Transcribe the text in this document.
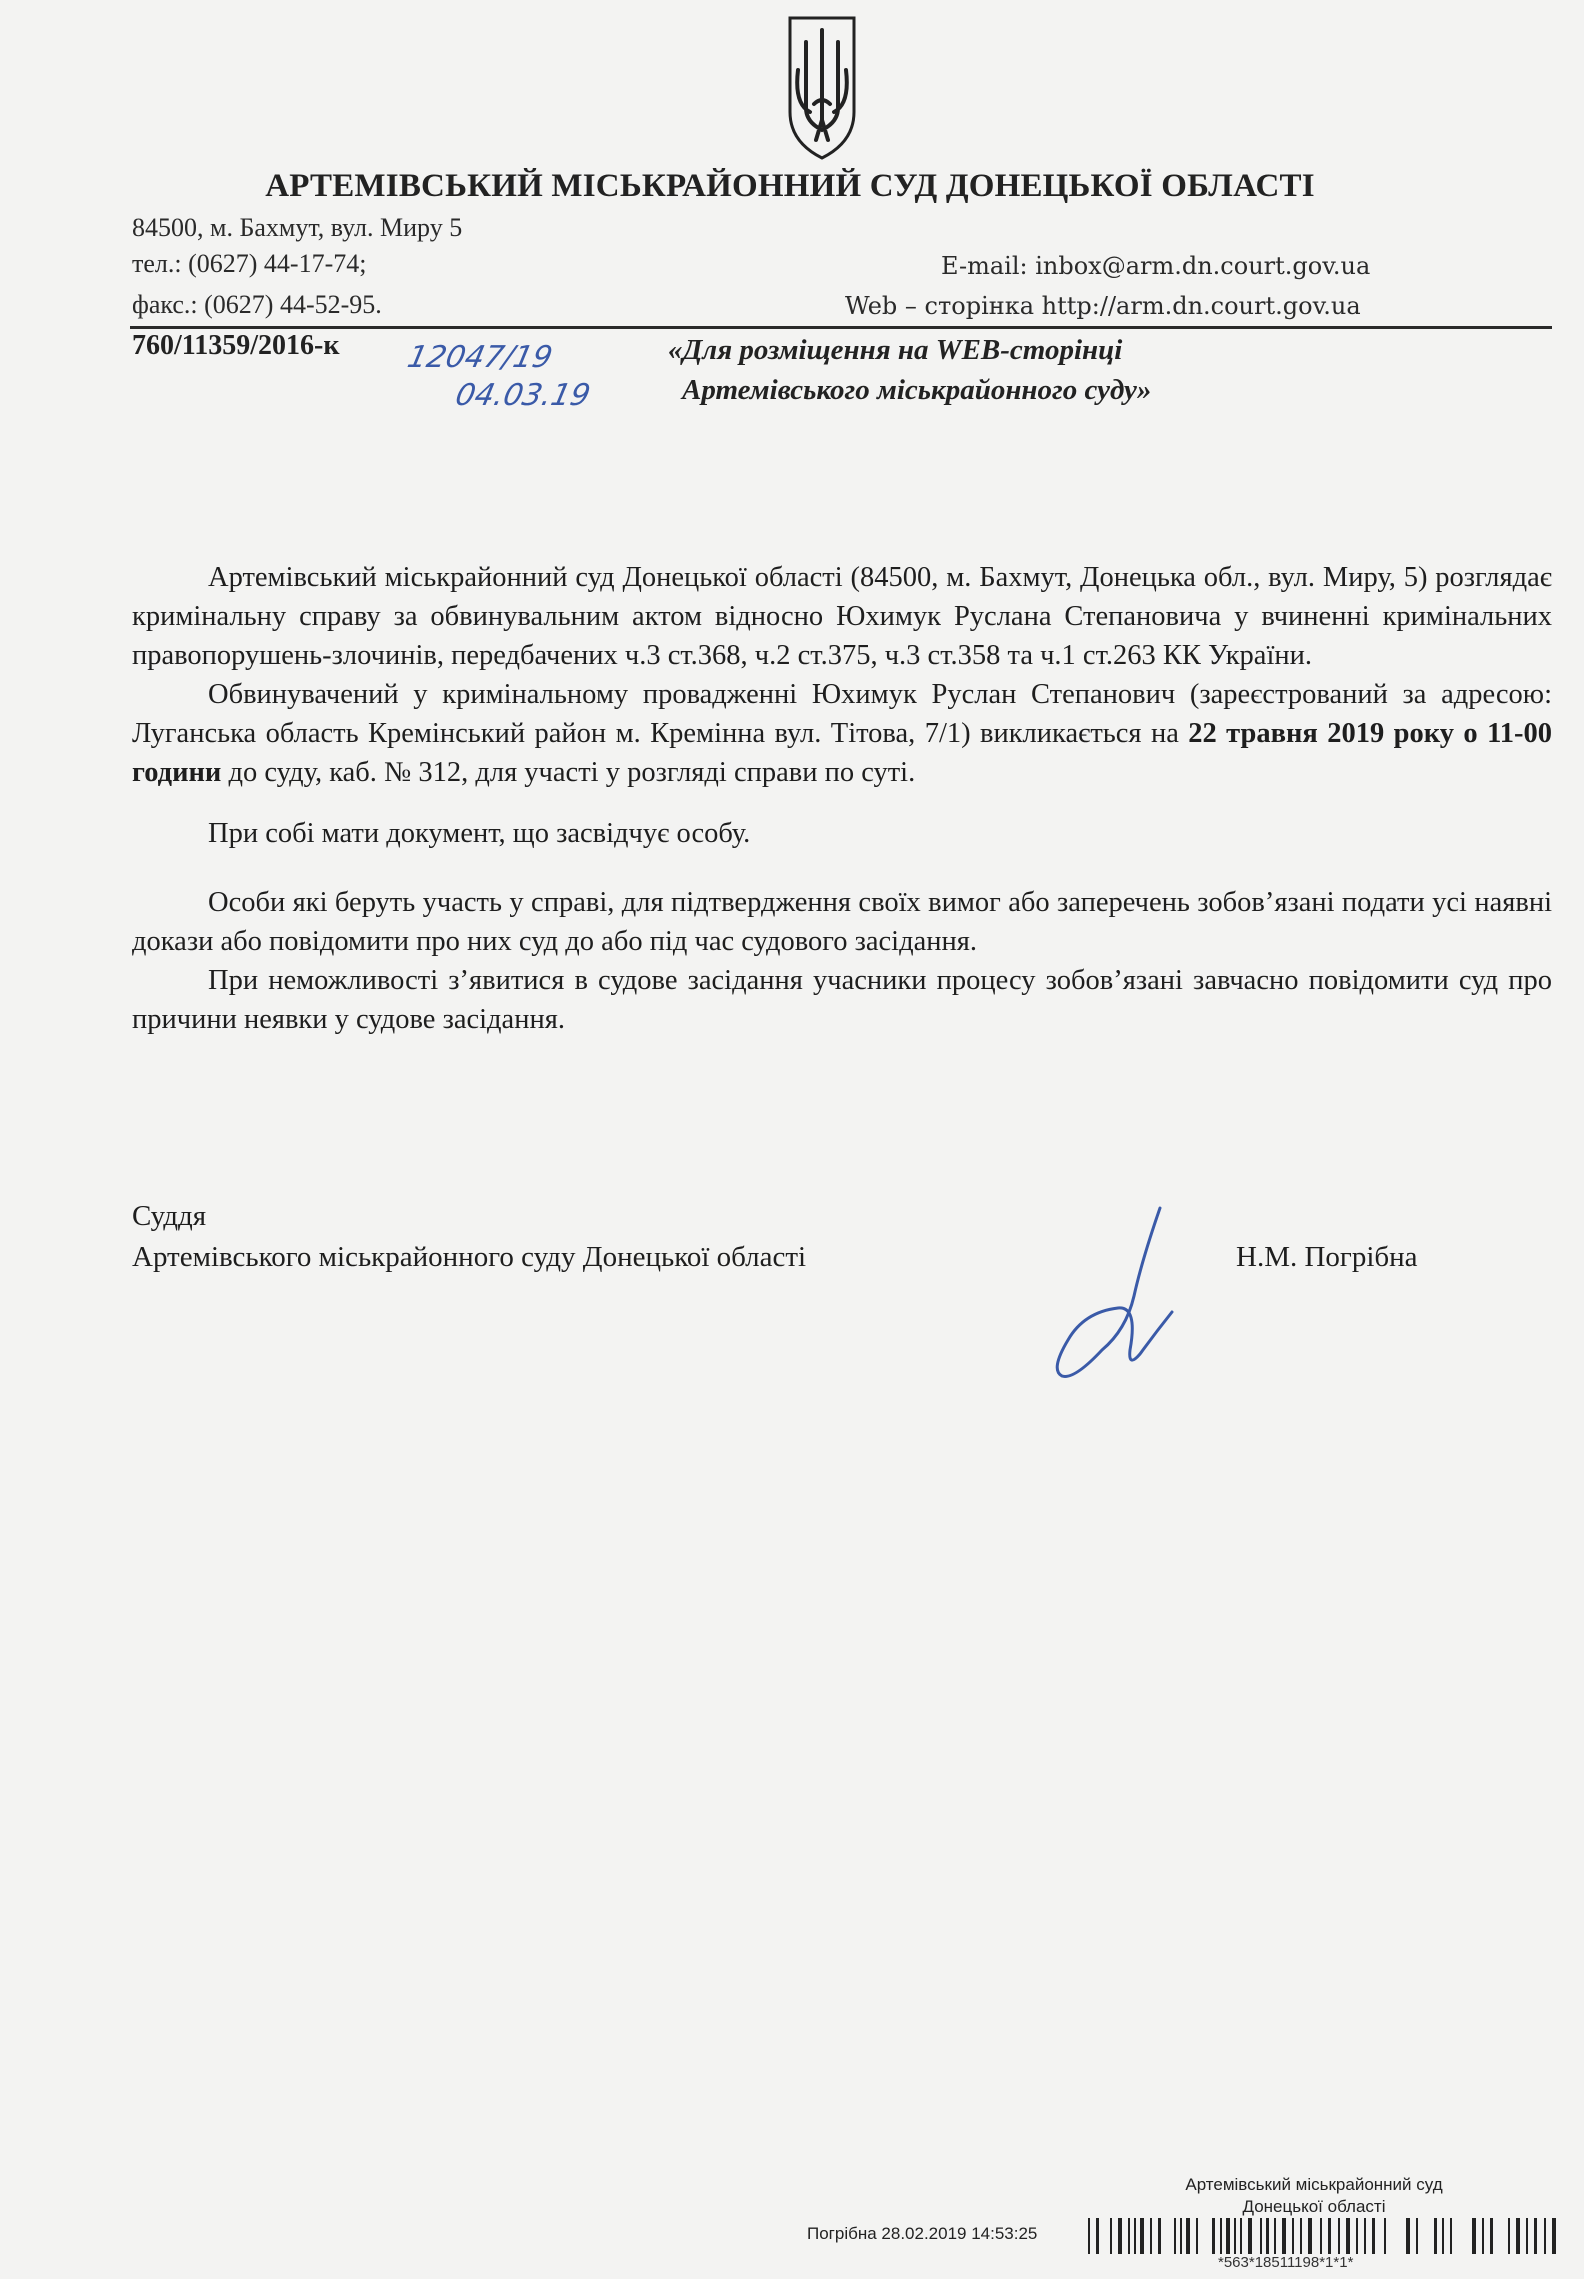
АРТЕМІВСЬКИЙ МІСЬКРАЙОННИЙ СУД ДОНЕЦЬКОЇ ОБЛАСТІ
84500, м. Бахмут, вул. Миру 5
тел.: (0627) 44-17-74;
факс.: (0627) 44-52-95.
E-mail: inbox@arm.dn.court.gov.ua
Web – сторінка http://arm.dn.court.gov.ua
760/11359/2016-к 12047/19
04.03.19
«Для розміщення на WEB-сторінці
Артемівського міськрайонного суду»

Артемівський міськрайонний суд Донецької області (84500, м. Бахмут, Донецька обл., вул. Миру, 5) розглядає кримінальну справу за обвинувальним актом відносно Юхимук Руслана Степановича у вчиненні кримінальних правопорушень-злочинів, передбачених ч.3 ст.368, ч.2 ст.375, ч.3 ст.358 та ч.1 ст.263 КК України.

Обвинувачений у кримінальному провадженні Юхимук Руслан Степанович (зареєстрований за адресою: Луганська область Кремінський район м. Кремінна вул. Тітова, 7/1) викликається на 22 травня 2019 року о 11-00 години до суду, каб. № 312, для участі у розгляді справи по суті.

При собі мати документ, що засвідчує особу.

Особи які беруть участь у справі, для підтвердження своїх вимог або заперечень зобов’язані подати усі наявні докази або повідомити про них суд до або під час судового засідання.

При неможливості з’явитися в судове засідання учасники процесу зобов’язані завчасно повідомити суд про причини неявки у судове засідання.

Суддя
Артемівського міськрайонного суду Донецької області	Н.М. Погрібна
Артемівський міськрайонний суд
Донецької області
Погрібна 28.02.2019 14:53:25
*563*18511198*1*1*
